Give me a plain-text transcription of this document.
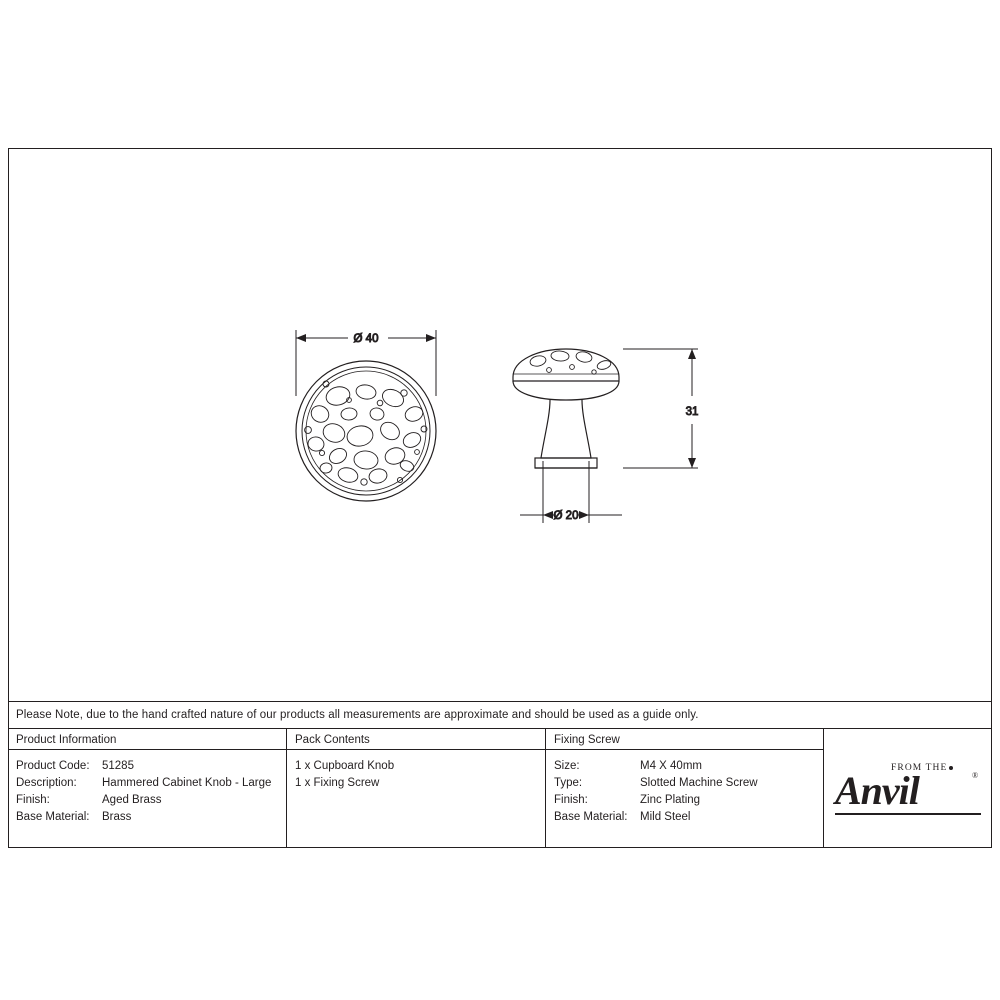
Ø 40
31
Ø 20
Please Note, due to the hand crafted nature of our products all measurements are approximate and should be used as a guide only.
Product Information
Product Code:	51285
Description:	Hammered Cabinet Knob - Large
Finish:	Aged Brass
Base Material:	Brass
Pack Contents
1 x Cupboard Knob
1 x Fixing Screw
Fixing Screw
Size:	M4 X 40mm
Type:	Slotted Machine Screw
Finish:	Zinc Plating
Base Material:	Mild Steel
FROM THE
Anvil	®
